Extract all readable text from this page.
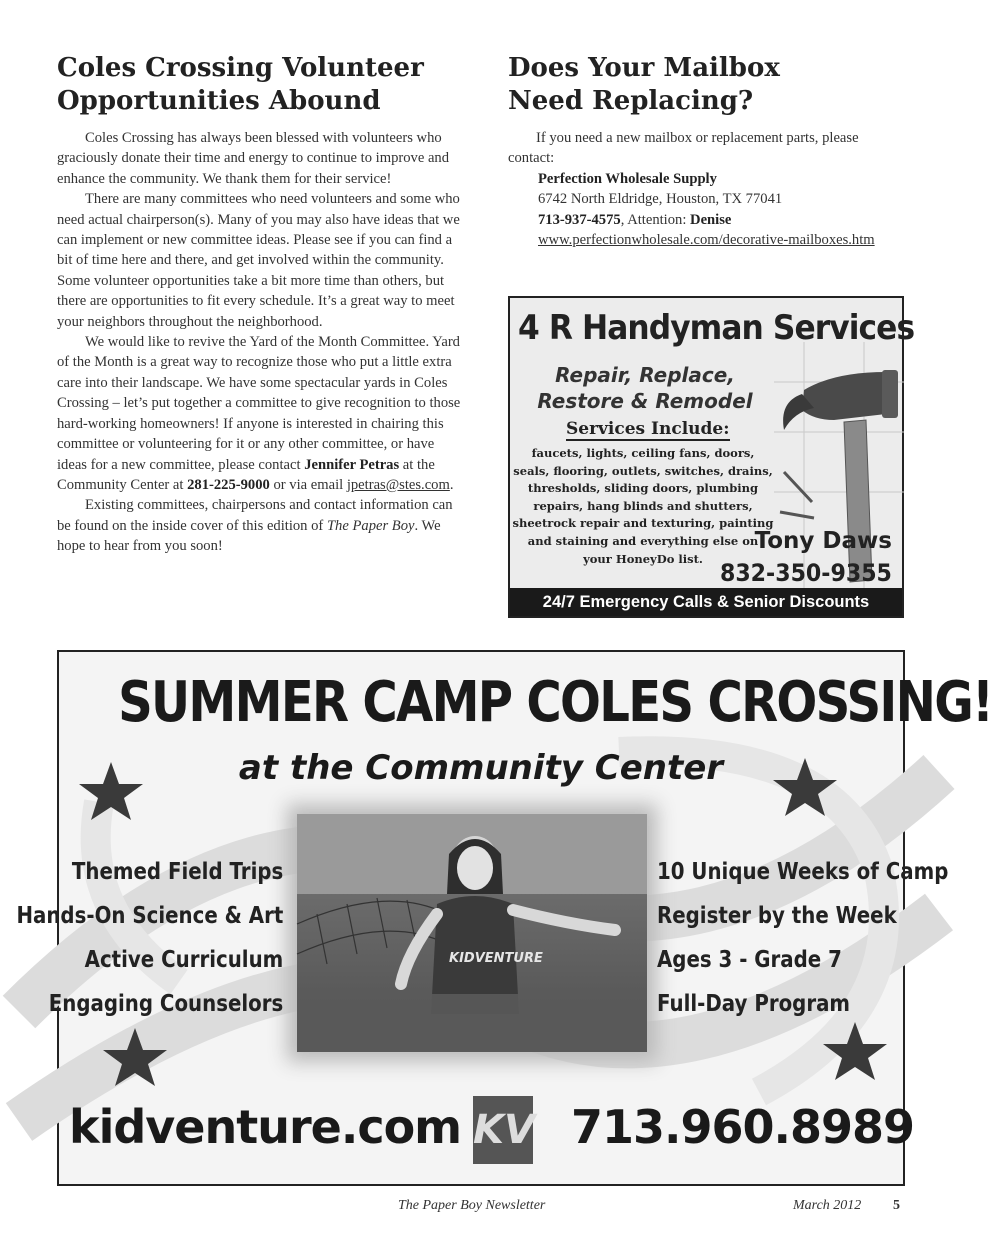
Coles Crossing Volunteer
Opportunities Abound

Coles Crossing has always been blessed with volunteers who graciously donate their time and energy to continue to improve and enhance the community. We thank them for their service!

There are many committees who need volunteers and some who need actual chairperson(s). Many of you may also have ideas that we can implement or new committee ideas. Please see if you can find a bit of time here and there, and get involved within the community. Some volunteer opportunities take a bit more time than others, but there are opportunities to fit every schedule. It’s a great way to meet your neighbors throughout the neighborhood.

We would like to revive the Yard of the Month Committee. Yard of the Month is a great way to recognize those who put a little extra care into their landscape. We have some spectacular yards in Coles Crossing – let’s put together a committee to give recognition to those hard-working homeowners! If anyone is interested in chairing this committee or volunteering for it or any other committee, or have ideas for a new committee, please contact Jennifer Petras at the Community Center at 281-225-9000 or via email jpetras@stes.com.

Existing committees, chairpersons and contact information can be found on the inside cover of this edition of The Paper Boy. We hope to hear from you soon!

Does Your Mailbox
Need Replacing?

If you need a new mailbox or replacement parts, please contact:

Perfection Wholesale Supply
6742 North Eldridge, Houston, TX 77041
713-937-4575, Attention: Denise
www.perfectionwholesale.com/decorative-mailboxes.htm
4 R Handyman Services
Repair, Replace,
Restore & Remodel
Services Include:
faucets, lights, ceiling fans, doors, seals, flooring, outlets, switches, drains, thresholds, sliding doors, plumbing repairs, hang blinds and shutters, sheetrock repair and texturing, painting and staining and everything else on your HoneyDo list.
Tony Daws
832-350-9355
24/7 Emergency Calls & Senior Discounts
SUMMER CAMP COLES CROSSING!
at the Community Center
KIDVENTURE
Themed Field Trips
Hands-On Science & Art
Active Curriculum
Engaging Counselors
10 Unique Weeks of Camp
Register by the Week
Ages 3 - Grade 7
Full-Day Program
kidventure.com KV 713.960.8989
The Paper Boy Newsletter	March 2012 5
